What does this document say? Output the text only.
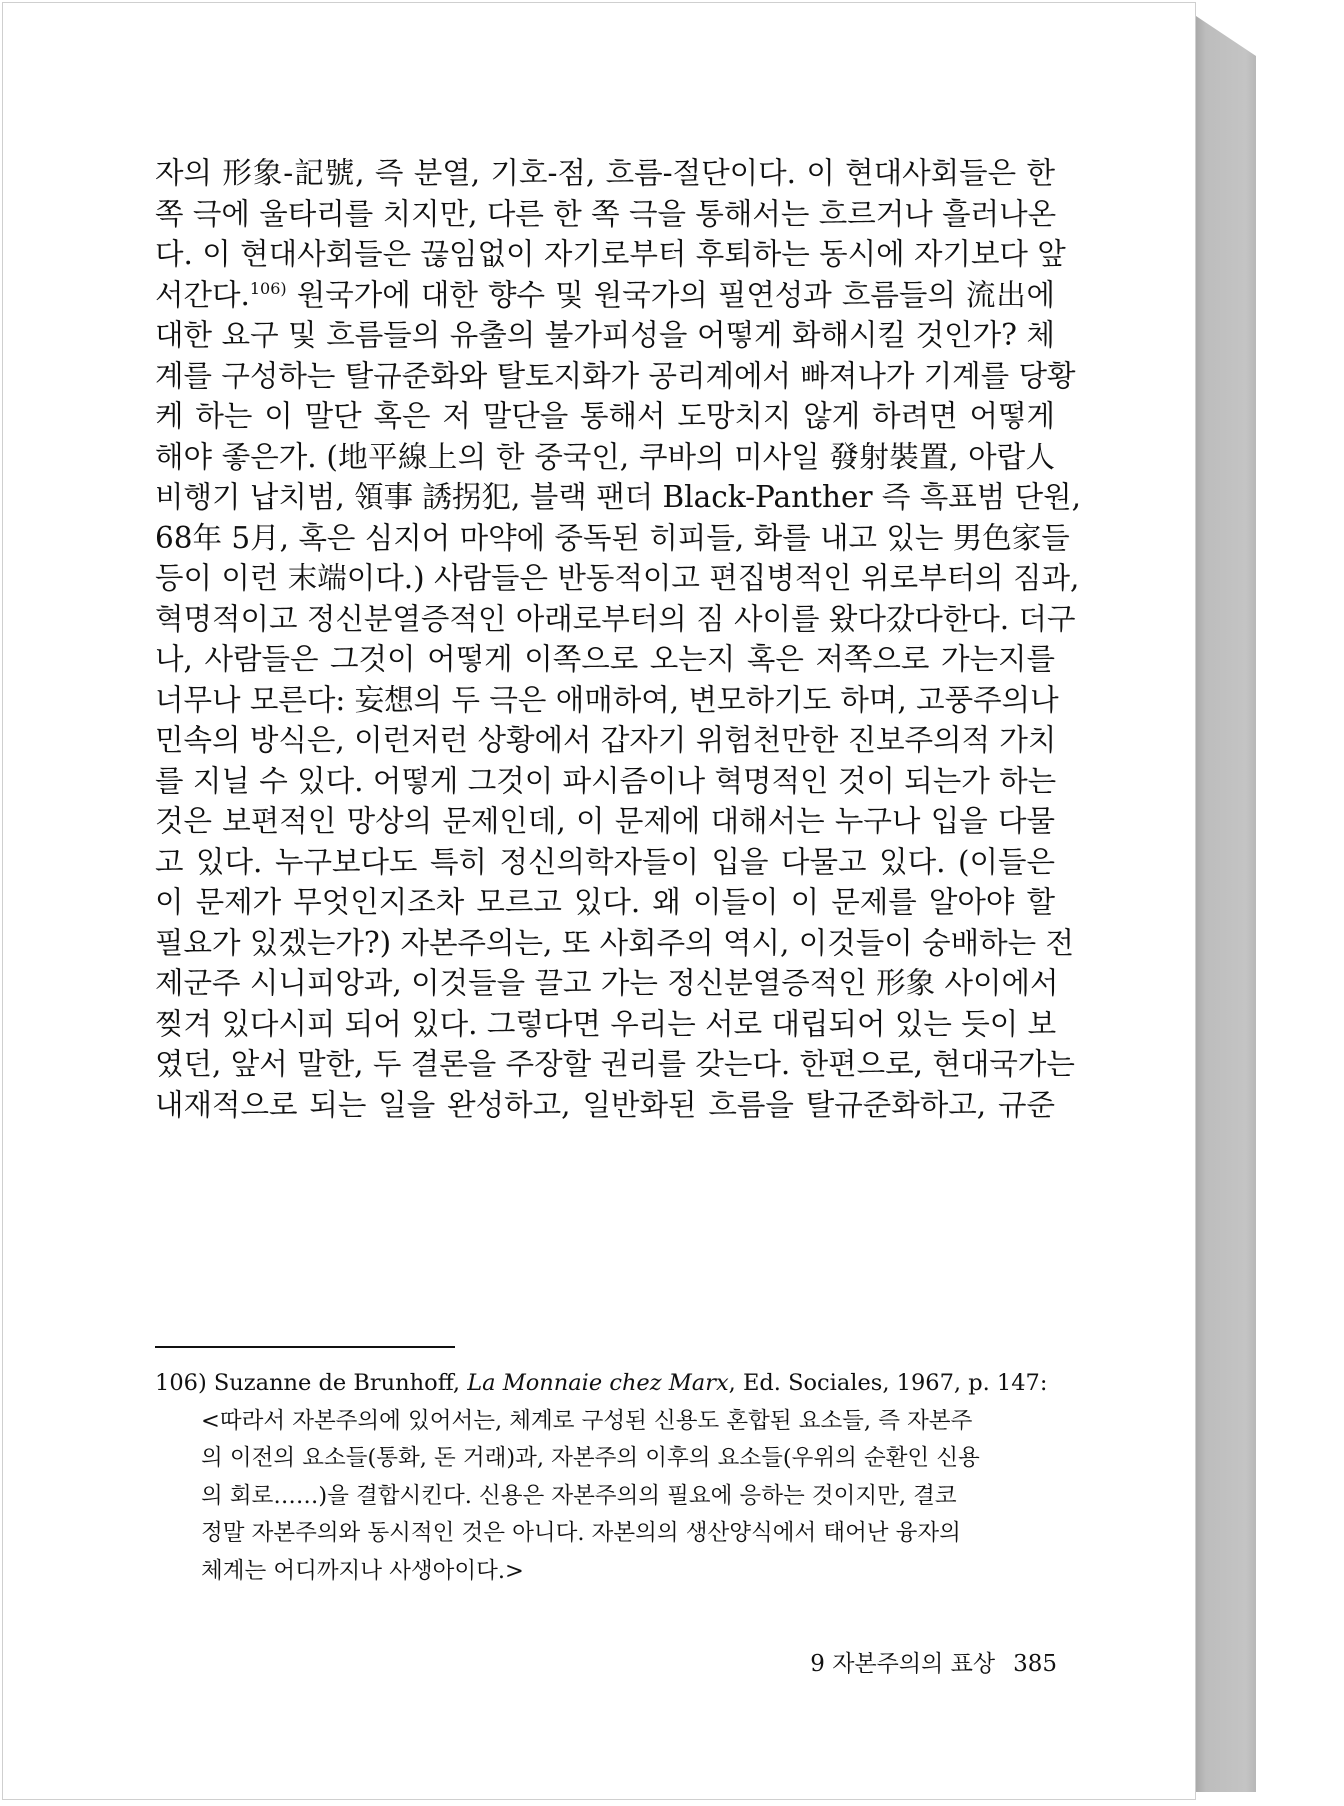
자의 形象-記號, 즉 분열, 기호-점, 흐름-절단이다. 이 현대사회들은 한
쪽 극에 울타리를 치지만, 다른 한 쪽 극을 통해서는 흐르거나 흘러나온
다. 이 현대사회들은 끊임없이 자기로부터 후퇴하는 동시에 자기보다 앞
서간다.$^{106)}$ 원국가에 대한 향수 및 원국가의 필연성과 흐름들의 流出에
대한 요구 및 흐름들의 유출의 불가피성을 어떻게 화해시킬 것인가? 체
계를 구성하는 탈규준화와 탈토지화가 공리계에서 빠져나가 기계를 당황
케 하는 이 말단 혹은 저 말단을 통해서 도망치지 않게 하려면 어떻게
해야 좋은가. (地平線上의 한 중국인, 쿠바의 미사일 發射裝置, 아랍人
비행기 납치범, 領事 誘拐犯, 블랙 팬더 Black-Panther 즉 흑표범 단원,
68年 5月, 혹은 심지어 마약에 중독된 히피들, 화를 내고 있는 男色家들
등이 이런 末端이다.) 사람들은 반동적이고 편집병적인 위로부터의 짐과,
혁명적이고 정신분열증적인 아래로부터의 짐 사이를 왔다갔다한다. 더구
나, 사람들은 그것이 어떻게 이쪽으로 오는지 혹은 저쪽으로 가는지를
너무나 모른다: 妄想의 두 극은 애매하여, 변모하기도 하며, 고풍주의나
민속의 방식은, 이런저런 상황에서 갑자기 위험천만한 진보주의적 가치
를 지닐 수 있다. 어떻게 그것이 파시즘이나 혁명적인 것이 되는가 하는
것은 보편적인 망상의 문제인데, 이 문제에 대해서는 누구나 입을 다물
고 있다. 누구보다도 특히 정신의학자들이 입을 다물고 있다. (이들은
이 문제가 무엇인지조차 모르고 있다. 왜 이들이 이 문제를 알아야 할
필요가 있겠는가?) 자본주의는, 또 사회주의 역시, 이것들이 숭배하는 전
제군주 시니피앙과, 이것들을 끌고 가는 정신분열증적인 形象 사이에서
찢겨 있다시피 되어 있다. 그렇다면 우리는 서로 대립되어 있는 듯이 보
였던, 앞서 말한, 두 결론을 주장할 권리를 갖는다. 한편으로, 현대국가는
내재적으로 되는 일을 완성하고, 일반화된 흐름을 탈규준화하고, 규준
106) Suzanne de Brunhoff, La Monnaie chez Marx, Ed. Sociales, 1967, p. 147:
<따라서 자본주의에 있어서는, 체계로 구성된 신용도 혼합된 요소들, 즉 자본주
의 이전의 요소들(통화, 돈 거래)과, 자본주의 이후의 요소들(우위의 순환인 신용
의 회로……)을 결합시킨다. 신용은 자본주의의 필요에 응하는 것이지만, 결코
정말 자본주의와 동시적인 것은 아니다. 자본의의 생산양식에서 태어난 융자의
체계는 어디까지나 사생아이다.>
9 자본주의의 표상 385
